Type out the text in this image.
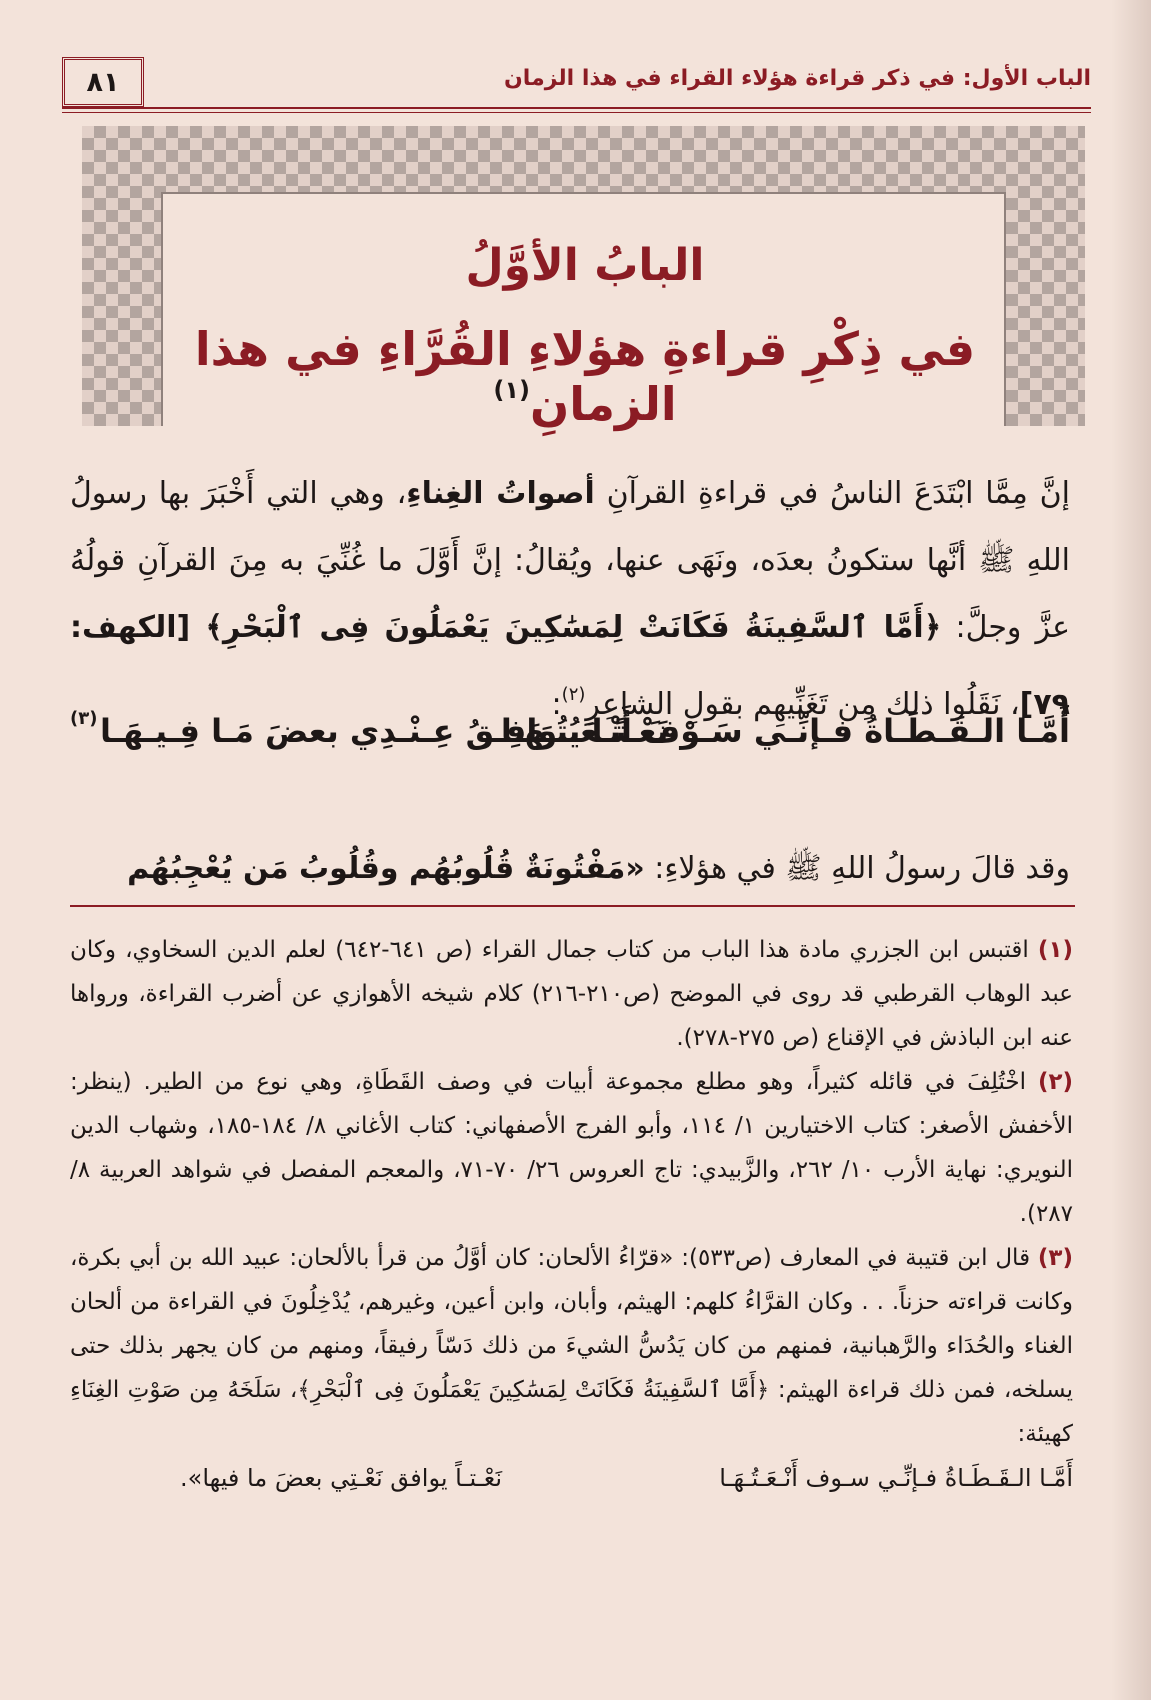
الباب الأول: في ذكر قراءة هؤلاء القراء في هذا الزمان
٨١
البابُ الأوَّلُ
في ذِكْرِ قراءةِ هؤلاءِ القُرَّاءِ في هذا الزمانِ$^{(١)}$

إنَّ مِمَّا ابْتَدَعَ الناسُ في قراءةِ القرآنِ أصواتُ الغِناءِ، وهي التي أَخْبَرَ بها رسولُ اللهِ ﷺ أنَّها ستكونُ بعدَه، ونَهَى عنها، ويُقالُ: إنَّ أَوَّلَ ما غُنِّيَ به مِنَ القرآنِ قولُهُ عزَّ وجلَّ: ﴿أَمَّا ٱلسَّفِينَةُ فَكَانَتْ لِمَسَٰكِينَ يَعْمَلُونَ فِى ٱلْبَحْرِ﴾ [الكهف: ٧٩]، نَقَلُوا ذلك مِن تَغَنِّيهِم بقولِ الشاعِرِ$^{(٢)}$:

أَمَّـا الـقَـطَـاةُ فـإنِّـي سَـوْفَ أَنْـعَـتُـهَـا
نَعْـتًـا يُـوَافِـقُ عِـنْـدِي بعضَ مَـا فِـيـهَـا
(٣)
وقد قالَ رسولُ اللهِ ﷺ في هؤلاءِ: «مَفْتُونَةٌ قُلُوبُهُم وقُلُوبُ مَن يُعْجِبُهُم

(١) اقتبس ابن الجزري مادة هذا الباب من كتاب جمال القراء (ص ٦٤١-٦٤٢) لعلم الدين السخاوي، وكان عبد الوهاب القرطبي قد روى في الموضح (ص٢١٠-٢١٦) كلام شيخه الأهوازي عن أضرب القراءة، ورواها عنه ابن الباذش في الإقناع (ص ٢٧٥-٢٧٨).

(٢) اخْتُلِفَ في قائله كثيراً، وهو مطلع مجموعة أبيات في وصف القَطَاةِ، وهي نوع من الطير. (ينظر: الأخفش الأصغر: كتاب الاختيارين ١/ ١١٤، وأبو الفرج الأصفهاني: كتاب الأغاني ٨/ ١٨٤-١٨٥، وشهاب الدين النويري: نهاية الأرب ١٠/ ٢٦٢، والزَّبيدي: تاج العروس ٢٦/ ٧٠-٧١، والمعجم المفصل في شواهد العربية ٨/ ٢٨٧).

(٣) قال ابن قتيبة في المعارف (ص٥٣٣): «قرّاءُ الألحان: كان أوَّلُ من قرأ بالألحان: عبيد الله بن أبي بكرة، وكانت قراءته حزناً. . . وكان القرَّاءُ كلهم: الهيثم، وأبان، وابن أعين، وغيرهم، يُدْخِلُونَ في القراءة من ألحان الغناء والحُدَاء والرَّهبانية، فمنهم من كان يَدُسُّ الشيءَ من ذلك دَسّاً رفيقاً، ومنهم من كان يجهر بذلك حتى يسلخه، فمن ذلك قراءة الهيثم: ﴿أَمَّا ٱلسَّفِينَةُ فَكَانَتْ لِمَسَٰكِينَ يَعْمَلُونَ فِى ٱلْبَحْرِ﴾، سَلَخَهُ مِن صَوْتِ الغِنَاءِ كهيئة:

أَمَّـا الـقَـطَـاةُ فـإنِّـي سـوف أَنْـعَـتُـهَـا
نَعْـتـاً يوافق نَعْـتِي بعضَ ما فيها».
